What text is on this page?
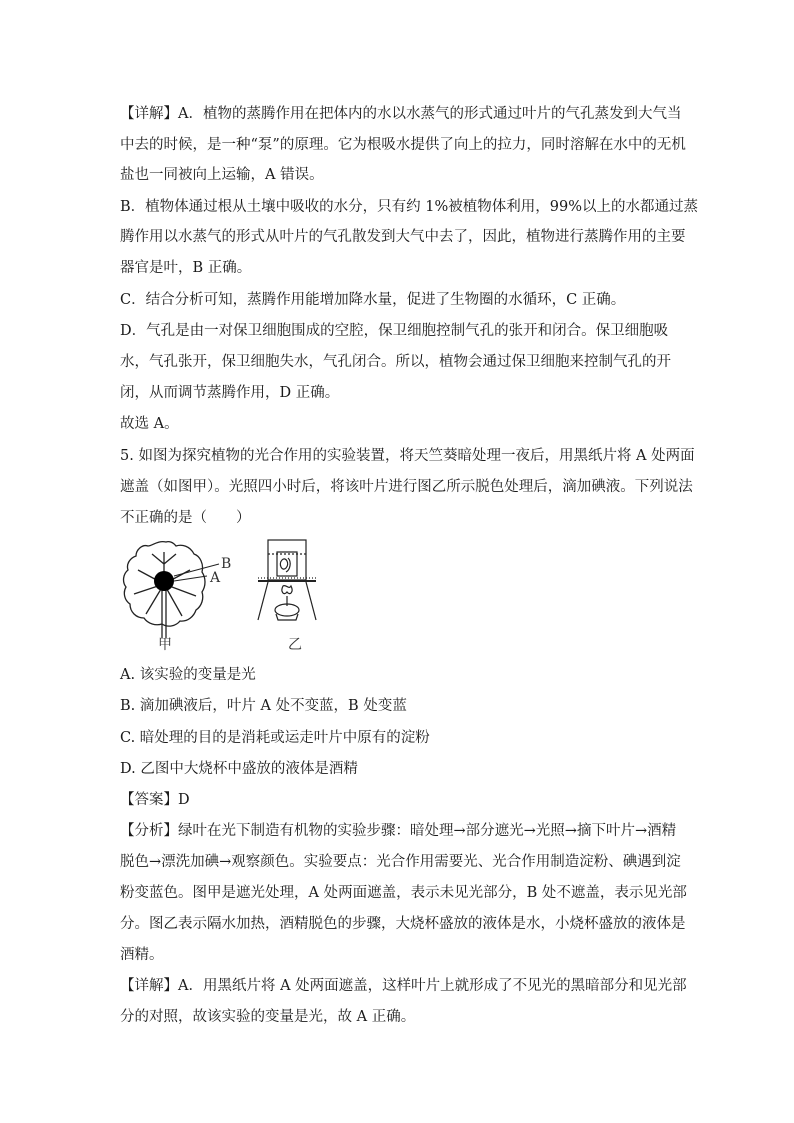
【详解】A．植物的蒸腾作用在把体内的水以水蒸气的形式通过叶片的气孔蒸发到大气当
中去的时候，是一种“泵”的原理。它为根吸水提供了向上的拉力，同时溶解在水中的无机
盐也一同被向上运输，A 错误。
B．植物体通过根从土壤中吸收的水分，只有约 1%被植物体利用，99%以上的水都通过蒸
腾作用以水蒸气的形式从叶片的气孔散发到大气中去了，因此，植物进行蒸腾作用的主要
器官是叶，B 正确。
C．结合分析可知，蒸腾作用能增加降水量，促进了生物圈的水循环，C 正确。
D．气孔是由一对保卫细胞围成的空腔，保卫细胞控制气孔的张开和闭合。保卫细胞吸
水，气孔张开，保卫细胞失水，气孔闭合。所以，植物会通过保卫细胞来控制气孔的开
闭，从而调节蒸腾作用，D 正确。
故选 A。
5. 如图为探究植物的光合作用的实验装置，将天竺葵暗处理一夜后，用黑纸片将 A 处两面
遮盖（如图甲）。光照四小时后，将该叶片进行图乙所示脱色处理后，滴加碘液。下列说法
不正确的是（　　）
A. 该实验的变量是光
B. 滴加碘液后，叶片 A 处不变蓝，B 处变蓝
C. 暗处理的目的是消耗或运走叶片中原有的淀粉
D. 乙图中大烧杯中盛放的液体是酒精
【答案】D
【分析】绿叶在光下制造有机物的实验步骤：暗处理→部分遮光→光照→摘下叶片→酒精
脱色→漂洗加碘→观察颜色。实验要点：光合作用需要光、光合作用制造淀粉、碘遇到淀
粉变蓝色。图甲是遮光处理，A 处两面遮盖，表示未见光部分，B 处不遮盖，表示见光部
分。图乙表示隔水加热，酒精脱色的步骤，大烧杯盛放的液体是水，小烧杯盛放的液体是
酒精。
【详解】A．用黑纸片将 A 处两面遮盖，这样叶片上就形成了不见光的黑暗部分和见光部
分的对照，故该实验的变量是光，故 A 正确。
B
A
甲	乙
